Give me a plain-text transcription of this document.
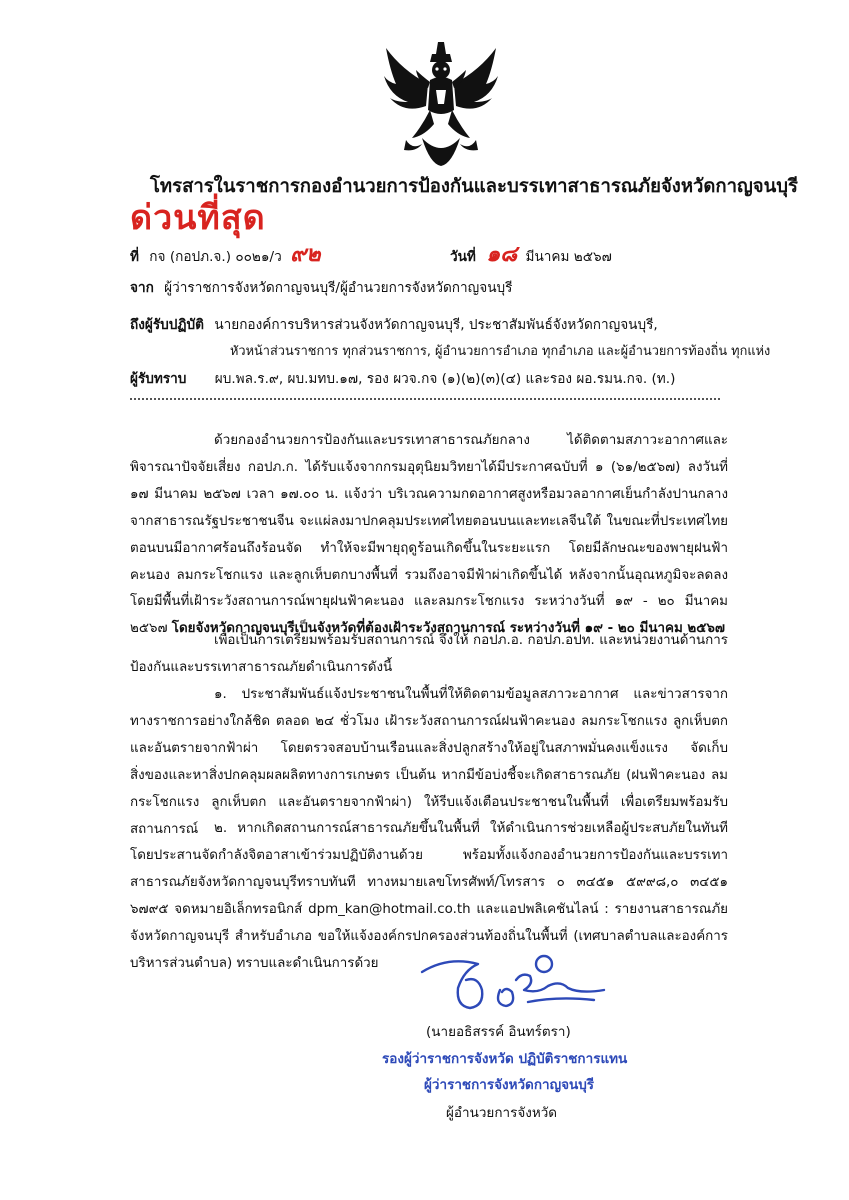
โทรสารในราชการกองอำนวยการป้องกันและบรรเทาสาธารณภัยจังหวัดกาญจนบุรี
ด่วนที่สุด
ที่ กจ (กอปภ.จ.) ๐๐๒๑/ว ๙๒	วันที่ ๑๘ มีนาคม ๒๕๖๗
จาก ผู้ว่าราชการจังหวัดกาญจนบุรี/ผู้อำนวยการจังหวัดกาญจนบุรี
ถึงผู้รับปฏิบัติ นายกองค์การบริหารส่วนจังหวัดกาญจนบุรี, ประชาสัมพันธ์จังหวัดกาญจนบุรี,
หัวหน้าส่วนราชการ ทุกส่วนราชการ, ผู้อำนวยการอำเภอ ทุกอำเภอ และผู้อำนวยการท้องถิ่น ทุกแห่ง
ผู้รับทราบ ผบ.พล.ร.๙, ผบ.มทบ.๑๗, รอง ผวจ.กจ (๑)(๒)(๓)(๔) และรอง ผอ.รมน.กจ. (ท.)

ด้วยกองอำนวยการป้องกันและบรรเทาสาธารณภัยกลาง ได้ติดตามสภาวะอากาศและพิจารณาปัจจัยเสี่ยง กอปภ.ก. ได้รับแจ้งจากกรมอุตุนิยมวิทยาได้มีประกาศฉบับที่ ๑ (๖๑/๒๕๖๗) ลงวันที่ ๑๗ มีนาคม ๒๕๖๗ เวลา ๑๗.๐๐ น. แจ้งว่า บริเวณความกดอากาศสูงหรือมวลอากาศเย็นกำลังปานกลางจากสาธารณรัฐประชาชนจีน จะแผ่ลงมาปกคลุมประเทศไทยตอนบนและทะเลจีนใต้ ในขณะที่ประเทศไทยตอนบนมีอากาศร้อนถึงร้อนจัด ทำให้จะมีพายุฤดูร้อนเกิดขึ้นในระยะแรก โดยมีลักษณะของพายุฝนฟ้าคะนอง ลมกระโชกแรง และลูกเห็บตกบางพื้นที่ รวมถึงอาจมีฟ้าผ่าเกิดขึ้นได้ หลังจากนั้นอุณหภูมิจะลดลง โดยมีพื้นที่เฝ้าระวังสถานการณ์พายุฝนฟ้าคะนอง และลมกระโชกแรง ระหว่างวันที่ ๑๙ - ๒๐ มีนาคม ๒๕๖๗ โดยจังหวัดกาญจนบุรีเป็นจังหวัดที่ต้องเฝ้าระวังสถานการณ์ ระหว่างวันที่ ๑๙ - ๒๐ มีนาคม ๒๕๖๗

เพื่อเป็นการเตรียมพร้อมรับสถานการณ์ จึงให้ กอปภ.อ. กอปภ.อปท. และหน่วยงานด้านการป้องกันและบรรเทาสาธารณภัยดำเนินการดังนี้

๑. ประชาสัมพันธ์แจ้งประชาชนในพื้นที่ให้ติดตามข้อมูลสภาวะอากาศ และข่าวสารจากทางราชการอย่างใกล้ชิด ตลอด ๒๔ ชั่วโมง เฝ้าระวังสถานการณ์ฝนฟ้าคะนอง ลมกระโชกแรง ลูกเห็บตก และอันตรายจากฟ้าผ่า โดยตรวจสอบบ้านเรือนและสิ่งปลูกสร้างให้อยู่ในสภาพมั่นคงแข็งแรง จัดเก็บสิ่งของและหาสิ่งปกคลุมผลผลิตทางการเกษตร เป็นต้น หากมีข้อบ่งชี้จะเกิดสาธารณภัย (ฝนฟ้าคะนอง ลมกระโชกแรง ลูกเห็บตก และอันตรายจากฟ้าผ่า) ให้รีบแจ้งเตือนประชาชนในพื้นที่ เพื่อเตรียมพร้อมรับสถานการณ์	๒. หากเกิดสถานการณ์สาธารณภัยขึ้นในพื้นที่ ให้ดำเนินการช่วยเหลือผู้ประสบภัยในทันทีโดยประสานจัดกำลังจิตอาสาเข้าร่วมปฏิบัติงานด้วย พร้อมทั้งแจ้งกองอำนวยการป้องกันและบรรเทาสาธารณภัยจังหวัดกาญจนบุรีทราบทันที ทางหมายเลขโทรศัพท์/โทรสาร ๐ ๓๔๕๑ ๕๙๙๘,๐ ๓๔๕๑ ๖๗๙๕ จดหมายอิเล็กทรอนิกส์ dpm_kan@hotmail.co.th และแอปพลิเคชันไลน์ : รายงานสาธารณภัยจังหวัดกาญจนบุรี สำหรับอำเภอ ขอให้แจ้งองค์กรปกครองส่วนท้องถิ่นในพื้นที่ (เทศบาลตำบลและองค์การบริหารส่วนตำบล) ทราบและดำเนินการด้วย

(นายอธิสรรค์ อินทร์ตรา)
รองผู้ว่าราชการจังหวัด ปฏิบัติราชการแทน
ผู้ว่าราชการจังหวัดกาญจนบุรี
ผู้อำนวยการจังหวัด
